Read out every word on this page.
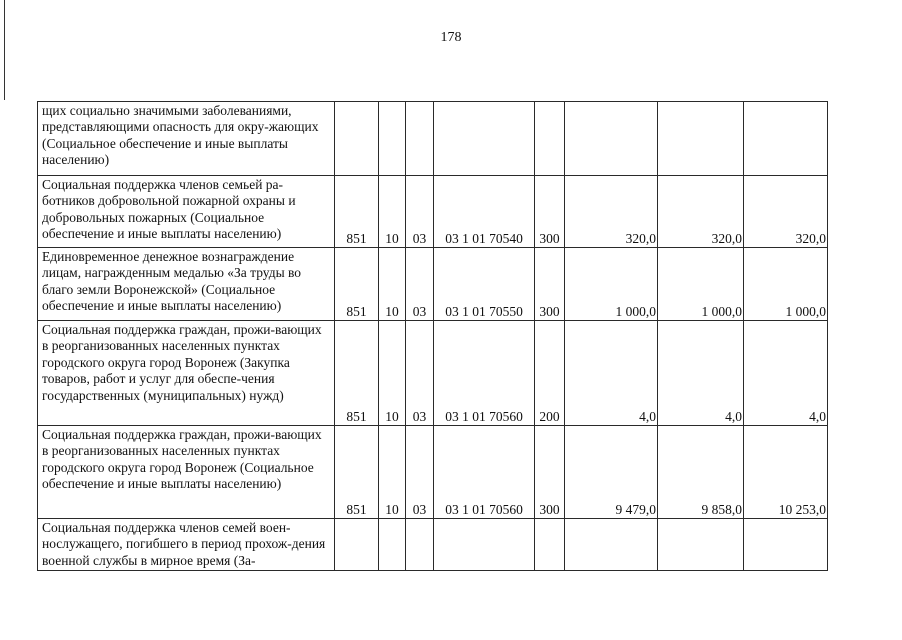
178
щих социально значимыми заболеваниями, представляющими опасность для окру-жающих (Социальное обеспечение и иные выплаты населению)								
Социальная поддержка членов семьей ра-ботников добровольной пожарной охраны и добровольных пожарных (Социальное обеспечение и иные выплаты населению)	851	10	03	03 1 01 70540	300	320,0	320,0	320,0
Единовременное денежное вознаграждение лицам, награжденным медалью «За труды во благо земли Воронежской» (Социальное обеспечение и иные выплаты населению)	851	10	03	03 1 01 70550	300	1 000,0	1 000,0	1 000,0
Социальная поддержка граждан, прожи-вающих в реорганизованных населенных пунктах городского округа город Воронеж (Закупка товаров, работ и услуг для обеспе-чения государственных (муниципальных) нужд)	851	10	03	03 1 01 70560	200	4,0	4,0	4,0
Социальная поддержка граждан, прожи-вающих в реорганизованных населенных пунктах городского округа город Воронеж (Социальное обеспечение и иные выплаты населению)	851	10	03	03 1 01 70560	300	9 479,0	9 858,0	10 253,0
Социальная поддержка членов семей воен-нослужащего, погибшего в период прохож-дения военной службы в мирное время (За-								
